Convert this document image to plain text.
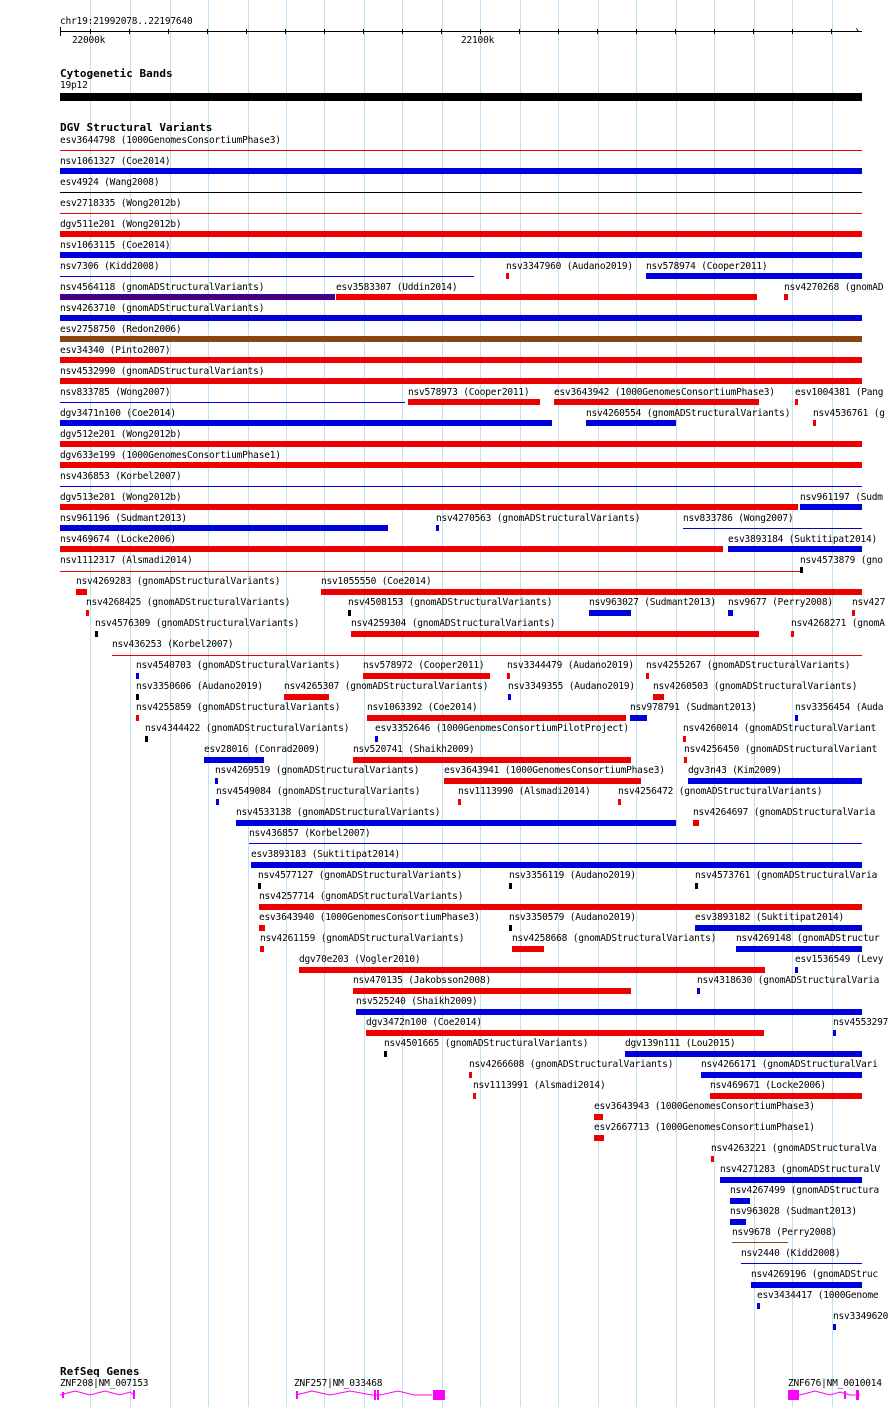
chr19:21992078..22197640
›
22000k	22100k
Cytogenetic Bands
19p12
DGV Structural Variants
esv3644798 (1000GenomesConsortiumPhase3)
nsv1061327 (Coe2014)
esv4924 (Wang2008)
esv2718335 (Wong2012b)
dgv511e201 (Wong2012b)
nsv1063115 (Coe2014)
nsv7306 (Kidd2008)	nsv3347960 (Audano2019) nsv578974 (Cooper2011)
nsv4564118 (gnomADStructuralVariants)	esv3583307 (Uddin2014)	nsv4270268 (gnomAD
nsv4263710 (gnomADStructuralVariants)
esv2758750 (Redon2006)
esv34340 (Pinto2007)
nsv4532990 (gnomADStructuralVariants)
nsv833785 (Wong2007)	nsv578973 (Cooper2011)	esv3643942 (1000GenomesConsortiumPhase3) esv1004381 (Pang
dgv3471n100 (Coe2014)	nsv4260554 (gnomADStructuralVariants) nsv4536761 (g
dgv512e201 (Wong2012b)
dgv633e199 (1000GenomesConsortiumPhase1)
nsv436853 (Korbel2007)
dgv513e201 (Wong2012b)	nsv961197 (Sudm
nsv961196 (Sudmant2013)	nsv4270563 (gnomADStructuralVariants)	nsv833786 (Wong2007)
nsv469674 (Locke2006)	esv3893184 (Suktitipat2014)
nsv1112317 (Alsmadi2014)	nsv4573879 (gno
nsv4269283 (gnomADStructuralVariants)	nsv1055550 (Coe2014)
nsv4268425 (gnomADStructuralVariants)	nsv4508153 (gnomADStructuralVariants)	nsv963027 (Sudmant2013) nsv9677 (Perry2008) nsv427
nsv4576309 (gnomADStructuralVariants)	nsv4259304 (gnomADStructuralVariants)	nsv4268271 (gnomA
nsv436253 (Korbel2007)
nsv4540703 (gnomADStructuralVariants) nsv578972 (Cooper2011) nsv3344479 (Audano2019) nsv4255267 (gnomADStructuralVariants)
nsv3350606 (Audano2019) nsv4265307 (gnomADStructuralVariants) nsv3349355 (Audano2019) nsv4260503 (gnomADStructuralVariants)
nsv4255859 (gnomADStructuralVariants)	nsv1063392 (Coe2014)	nsv978791 (Sudmant2013)	nsv3356454 (Auda
nsv4344422 (gnomADStructuralVariants)	esv3352646 (1000GenomesConsortiumPilotProject)	nsv4260014 (gnomADStructuralVariant
esv28016 (Conrad2009)	nsv520741 (Shaikh2009)	nsv4256450 (gnomADStructuralVariant
nsv4269519 (gnomADStructuralVariants)	esv3643941 (1000GenomesConsortiumPhase3) dgv3n43 (Kim2009)
nsv4549084 (gnomADStructuralVariants)	nsv1113990 (Alsmadi2014)	nsv4256472 (gnomADStructuralVariants)
nsv4533138 (gnomADStructuralVariants)	nsv4264697 (gnomADStructuralVaria
nsv436857 (Korbel2007)
esv3893183 (Suktitipat2014)
nsv4577127 (gnomADStructuralVariants)	nsv3356119 (Audano2019)	nsv4573761 (gnomADStructuralVaria
nsv4257714 (gnomADStructuralVariants)
esv3643940 (1000GenomesConsortiumPhase3)	nsv3350579 (Audano2019)	esv3893182 (Suktitipat2014)
nsv4261159 (gnomADStructuralVariants)	nsv4258668 (gnomADStructuralVariants) nsv4269148 (gnomADStructur
dgv70e203 (Vogler2010)	esv1536549 (Levy
nsv470135 (Jakobsson2008)	nsv4318630 (gnomADStructuralVaria
nsv525240 (Shaikh2009)
dgv3472n100 (Coe2014)	nsv4553297
nsv4501665 (gnomADStructuralVariants)	dgv139n111 (Lou2015)
nsv4266608 (gnomADStructuralVariants)	nsv4266171 (gnomADStructuralVari
nsv1113991 (Alsmadi2014)	nsv469671 (Locke2006)
esv3643943 (1000GenomesConsortiumPhase3)
esv2667713 (1000GenomesConsortiumPhase1)
nsv4263221 (gnomADStructuralVa
nsv4271283 (gnomADStructuralV
nsv4267499 (gnomADStructura
nsv963028 (Sudmant2013)
nsv9678 (Perry2008)
nsv2440 (Kidd2008)
nsv4269196 (gnomADStruc
esv3434417 (1000Genome
nsv3349620
RefSeq Genes
ZNF208|NM_007153	ZNF257|NM_033468	ZNF676|NM_0010014
